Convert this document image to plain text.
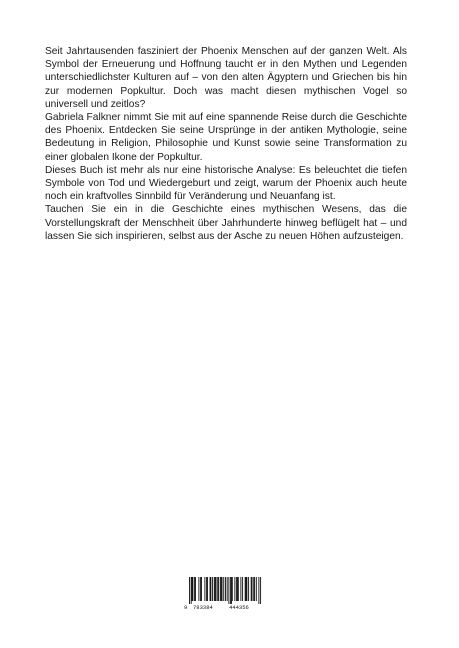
Seit Jahrtausenden fasziniert der Phoenix Menschen auf der ganzen Welt. Als Symbol der Erneuerung und Hoffnung taucht er in den Mythen und Legenden unterschiedlichster Kulturen auf – von den alten Ägyptern und Griechen bis hin zur modernen Popkultur. Doch was macht diesen mythischen Vogel so universell und zeitlos?

Gabriela Falkner nimmt Sie mit auf eine spannende Reise durch die Geschichte des Phoenix. Entdecken Sie seine Ursprünge in der antiken Mythologie, seine Bedeutung in Religion, Philosophie und Kunst sowie seine Transformation zu einer globalen Ikone der Popkultur.

Dieses Buch ist mehr als nur eine historische Analyse: Es beleuchtet die tiefen Symbole von Tod und Wiedergeburt und zeigt, warum der Phoenix auch heute noch ein kraftvolles Sinnbild für Veränderung und Neuanfang ist.

Tauchen Sie ein in die Geschichte eines mythischen Wesens, das die Vorstellungskraft der Menschheit über Jahrhunderte hinweg beflügelt hat – und lassen Sie sich inspirieren, selbst aus der Asche zu neuen Höhen aufzusteigen.

9 783384	444356
